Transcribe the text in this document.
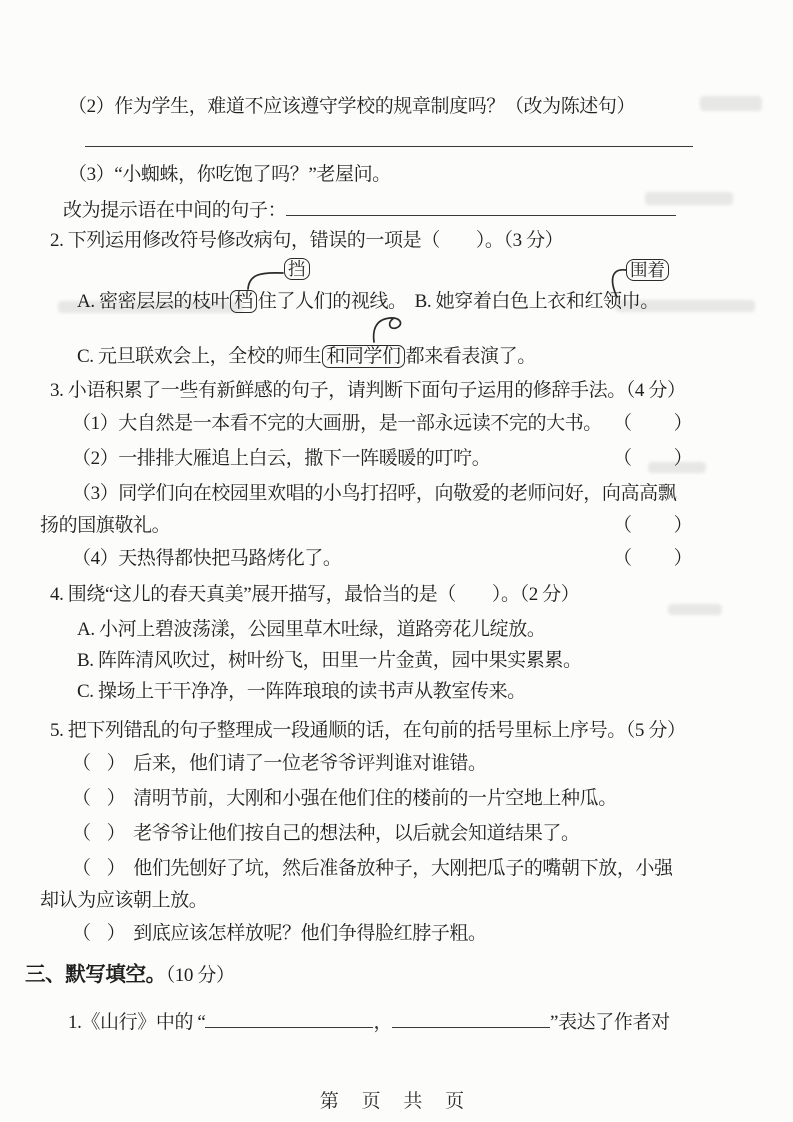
（2）作为学生，难道不应该遵守学校的规章制度吗？（改为陈述句）
（3）“小蜘蛛，你吃饱了吗？”老屋问。
改为提示语在中间的句子：
2. 下列运用修改符号修改病句，错误的一项是（ ）。（3 分）
挡	围着
A. 密密层层的枝叶 档 住了人们的视线。 B. 她穿着白色上衣和红领巾。
C. 元旦联欢会上，全校的师生 和同学们 都来看表演了。
3. 小语积累了一些有新鲜感的句子，请判断下面句子运用的修辞手法。（4 分）
（1）大自然是一本看不完的大画册，是一部永远读不完的大书。 （ ）
（2）一排排大雁追上白云，撒下一阵暖暖的叮咛。	（ ）
（3）同学们向在校园里欢唱的小鸟打招呼，向敬爱的老师问好，向高高飘
扬的国旗敬礼。	（ ）
（4）天热得都快把马路烤化了。	（ ）
4. 围绕“这儿的春天真美”展开描写，最恰当的是（ ）。（2 分）
A. 小河上碧波荡漾，公园里草木吐绿，道路旁花儿绽放。
B. 阵阵清风吹过，树叶纷飞，田里一片金黄，园中果实累累。
C. 操场上干干净净，一阵阵琅琅的读书声从教室传来。
5. 把下列错乱的句子整理成一段通顺的话，在句前的括号里标上序号。（5 分）
（ ） 后来，他们请了一位老爷爷评判谁对谁错。
（ ） 清明节前，大刚和小强在他们住的楼前的一片空地上种瓜。
（ ） 老爷爷让他们按自己的想法种，以后就会知道结果了。
（ ） 他们先刨好了坑，然后准备放种子，大刚把瓜子的嘴朝下放，小强
却认为应该朝上放。
（ ） 到底应该怎样放呢？他们争得脸红脖子粗。
三、默写填空。（10 分）
1.《山行》中的 “	，	”表达了作者对
第 页 共 页
